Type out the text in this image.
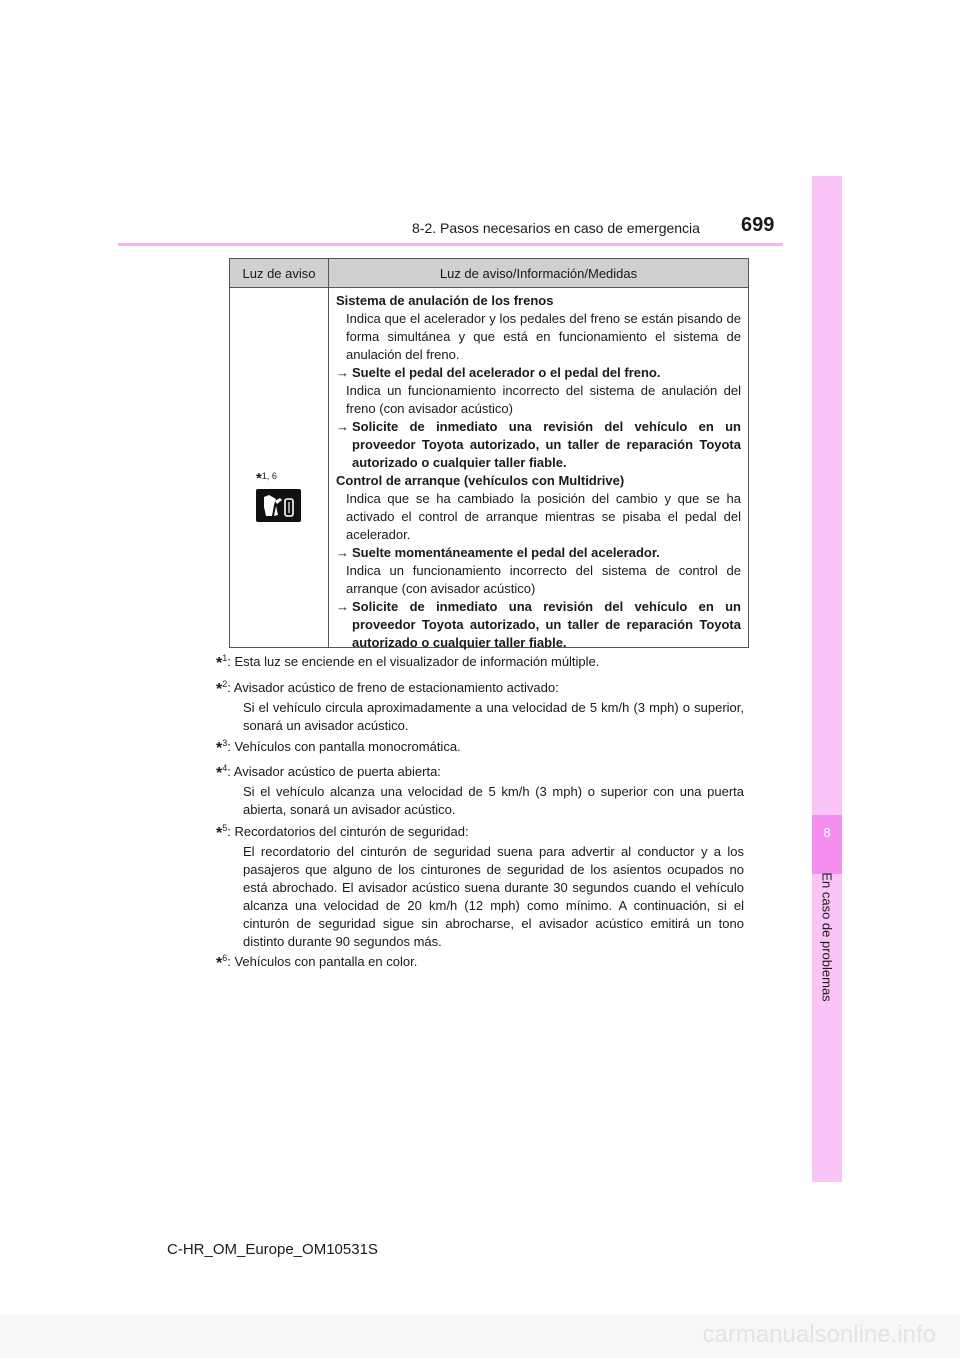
8-2. Pasos necesarios en caso de emergencia 699
8
En caso de problemas
Luz de aviso	Luz de aviso/Información/Medidas
*$^{1, 6}$
Sistema de anulación de los frenos
Indica que el acelerador y los pedales del freno se están pisando de forma simultánea y que está en funcionamiento el sistema de anulación del freno.
→ Suelte el pedal del acelerador o el pedal del freno.
Indica un funcionamiento incorrecto del sistema de anulación del freno (con avisador acústico)
→ Solicite de inmediato una revisión del vehículo en un proveedor Toyota autorizado, un taller de reparación Toyota autorizado o cualquier taller fiable.
Control de arranque (vehículos con Multidrive)
Indica que se ha cambiado la posición del cambio y que se ha activado el control de arranque mientras se pisaba el pedal del acelerador.
→ Suelte momentáneamente el pedal del acelerador.
Indica un funcionamiento incorrecto del sistema de control de arranque (con avisador acústico)
→ Solicite de inmediato una revisión del vehículo en un proveedor Toyota autorizado, un taller de reparación Toyota autorizado o cualquier taller fiable.
*$^1$: Esta luz se enciende en el visualizador de información múltiple.
*$^2$: Avisador acústico de freno de estacionamiento activado:
Si el vehículo circula aproximadamente a una velocidad de 5 km/h (3 mph) o superior, sonará un avisador acústico.
*$^3$: Vehículos con pantalla monocromática.
*$^4$: Avisador acústico de puerta abierta:
Si el vehículo alcanza una velocidad de 5 km/h (3 mph) o superior con una puerta abierta, sonará un avisador acústico.
*$^5$: Recordatorios del cinturón de seguridad:
El recordatorio del cinturón de seguridad suena para advertir al conductor y a los pasajeros que alguno de los cinturones de seguridad de los asientos ocupados no está abrochado. El avisador acústico suena durante 30 segundos cuando el vehículo alcanza una velocidad de 20 km/h (12 mph) como mínimo. A continuación, si el cinturón de seguridad sigue sin abrocharse, el avisador acústico emitirá un tono distinto durante 90 segundos más.
*$^6$: Vehículos con pantalla en color.
C-HR_OM_Europe_OM10531S
carmanualsonline.info
